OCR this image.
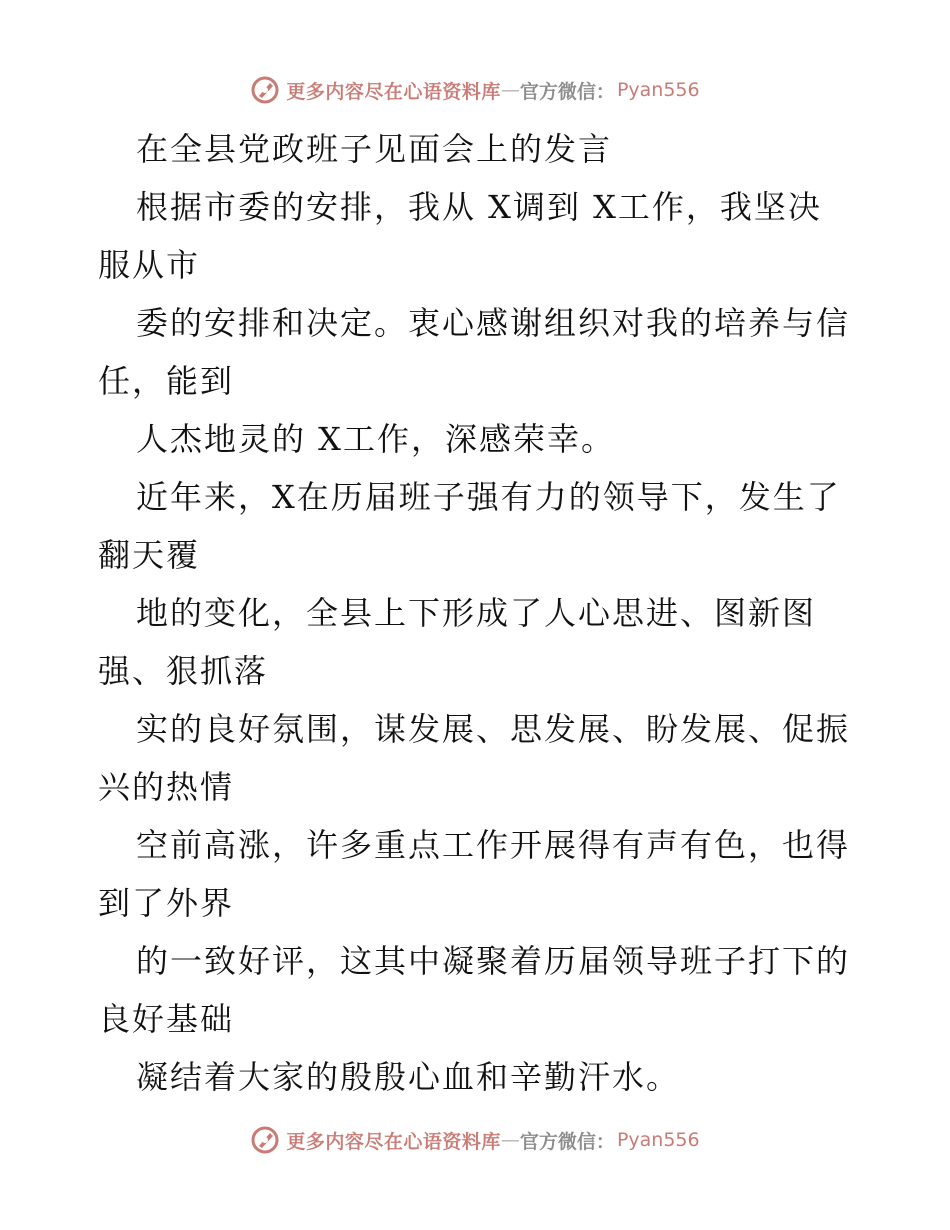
更多内容尽在心语资料库 — 官方微信： Pyan556
在全县党政班子见面会上的发言
根据市委的安排，我从 X调到 X工作，我坚决
服从市
委的安排和决定。衷心感谢组织对我的培养与信
任，能到
人杰地灵的 X工作，深感荣幸。
近年来，X在历届班子强有力的领导下，发生了
翻天覆
地的变化，全县上下形成了人心思进、图新图
强、狠抓落
实的良好氛围，谋发展、思发展、盼发展、促振
兴的热情
空前高涨，许多重点工作开展得有声有色，也得
到了外界
的一致好评，这其中凝聚着历届领导班子打下的
良好基础
凝结着大家的殷殷心血和辛勤汗水。
更多内容尽在心语资料库 — 官方微信： Pyan556
